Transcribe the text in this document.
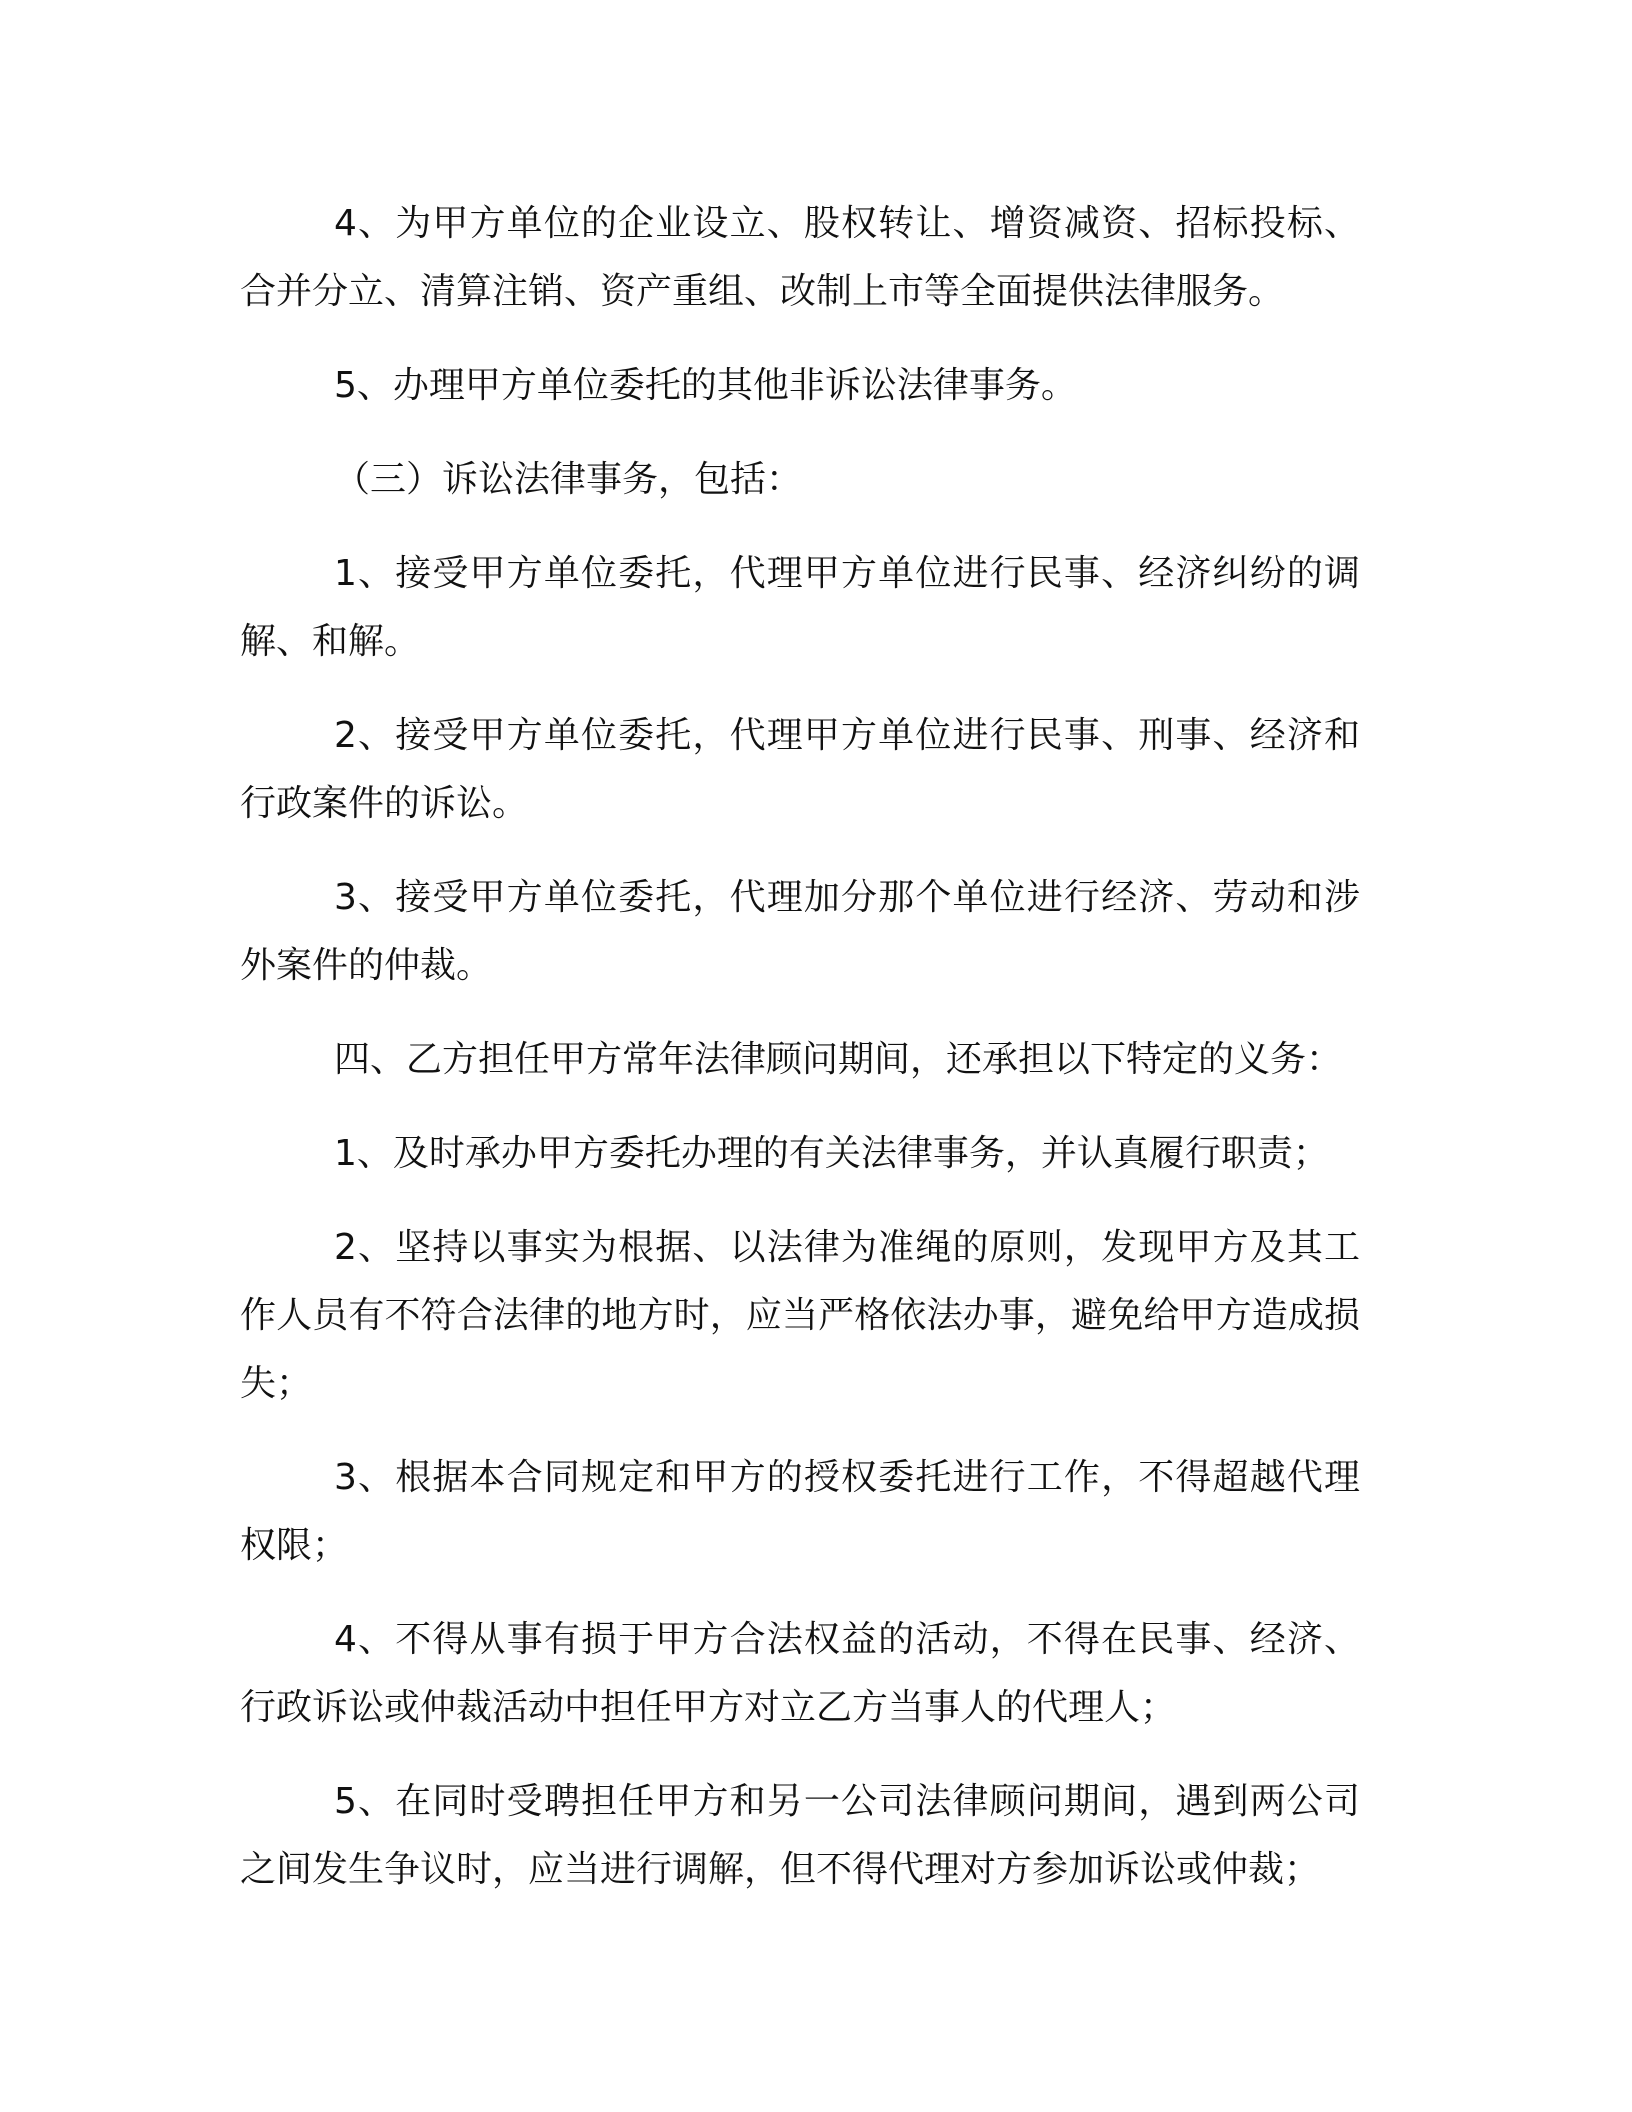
4、为甲方单位的企业设立、股权转让、增资减资、招标投标、合并分立、清算注销、资产重组、改制上市等全面提供法律服务。

5、办理甲方单位委托的其他非诉讼法律事务。

（三）诉讼法律事务，包括：

1、接受甲方单位委托，代理甲方单位进行民事、经济纠纷的调解、和解。

2、接受甲方单位委托，代理甲方单位进行民事、刑事、经济和行政案件的诉讼。

3、接受甲方单位委托，代理加分那个单位进行经济、劳动和涉外案件的仲裁。

四、乙方担任甲方常年法律顾问期间，还承担以下特定的义务：

1、及时承办甲方委托办理的有关法律事务，并认真履行职责；

2、坚持以事实为根据、以法律为准绳的原则，发现甲方及其工作人员有不符合法律的地方时，应当严格依法办事，避免给甲方造成损失；

3、根据本合同规定和甲方的授权委托进行工作，不得超越代理权限；

4、不得从事有损于甲方合法权益的活动，不得在民事、经济、行政诉讼或仲裁活动中担任甲方对立乙方当事人的代理人；

5、在同时受聘担任甲方和另一公司法律顾问期间，遇到两公司之间发生争议时，应当进行调解，但不得代理对方参加诉讼或仲裁；
